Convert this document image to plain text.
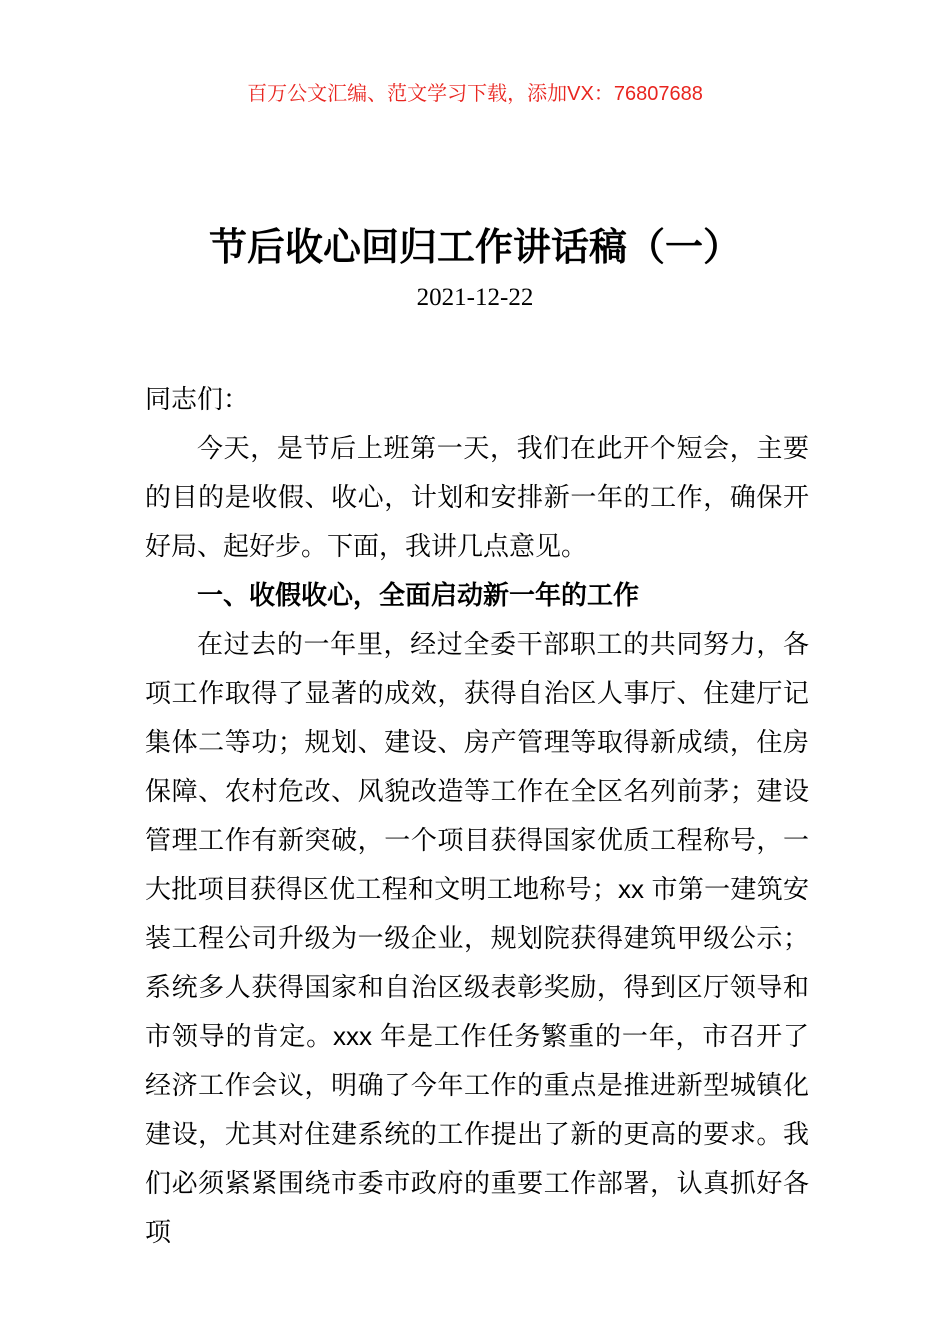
百万公文汇编、范文学习下载，添加VX：76807688
节后收心回归工作讲话稿（一）
2021-12-22

同志们：

今天，是节后上班第一天，我们在此开个短会，主要的目的是收假、收心，计划和安排新一年的工作，确保开好局、起好步。下面，我讲几点意见。

一、收假收心，全面启动新一年的工作

在过去的一年里，经过全委干部职工的共同努力，各项工作取得了显著的成效，获得自治区人事厅、住建厅记集体二等功；规划、建设、房产管理等取得新成绩，住房保障、农村危改、风貌改造等工作在全区名列前茅；建设管理工作有新突破，一个项目获得国家优质工程称号，一大批项目获得区优工程和文明工地称号；xx 市第一建筑安装工程公司升级为一级企业，规划院获得建筑甲级公示；系统多人获得国家和自治区级表彰奖励，得到区厅领导和市领导的肯定。xxx 年是工作任务繁重的一年，市召开了经济工作会议，明确了今年工作的重点是推进新型城镇化建设，尤其对住建系统的工作提出了新的更高的要求。我们必须紧紧围绕市委市政府的重要工作部署，认真抓好各项
